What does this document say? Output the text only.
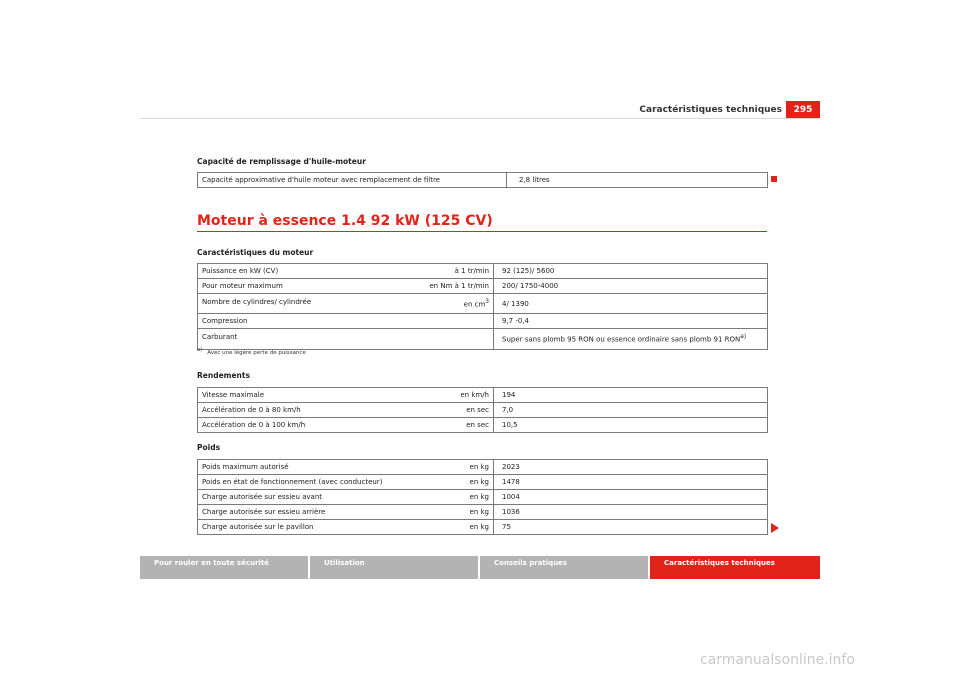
Caractéristiques techniques	295
Capacité de remplissage d'huile-moteur
Capacité approximative d'huile moteur avec remplacement de filtre	2,8 litres
Moteur à essence 1.4 92 kW (125 CV)
Caractéristiques du moteur
Puissance en kW (CV)	à 1 tr/min	92 (125)/ 5600
Pour moteur maximum	en Nm à 1 tr/min	200/ 1750-4000
Nombre de cylindres/ cylindrée	en $cm^3$	4/ 1390
Compression		9,7 -0,4
Carburant		Super sans plomb 95 RON ou essence ordinaire sans plomb 91 RON$^{a)}$
$^{a)}$ Avec une légère perte de puissance
Rendements
Vitesse maximale	en km/h	194
Accélération de 0 à 80 km/h	en sec	7,0
Accélération de 0 à 100 km/h	en sec	10,5
Poids
Poids maximum autorisé	en kg	2023
Poids en état de fonctionnement (avec conducteur)	en kg	1478
Charge autorisée sur essieu avant	en kg	1004
Charge autorisée sur essieu arrière	en kg	1036
Charge autorisée sur le pavillon	en kg	75
Pour rouler en toute sécurité	Utilisation	Conseils pratiques	Caractéristiques techniques
carmanualsonline.info
